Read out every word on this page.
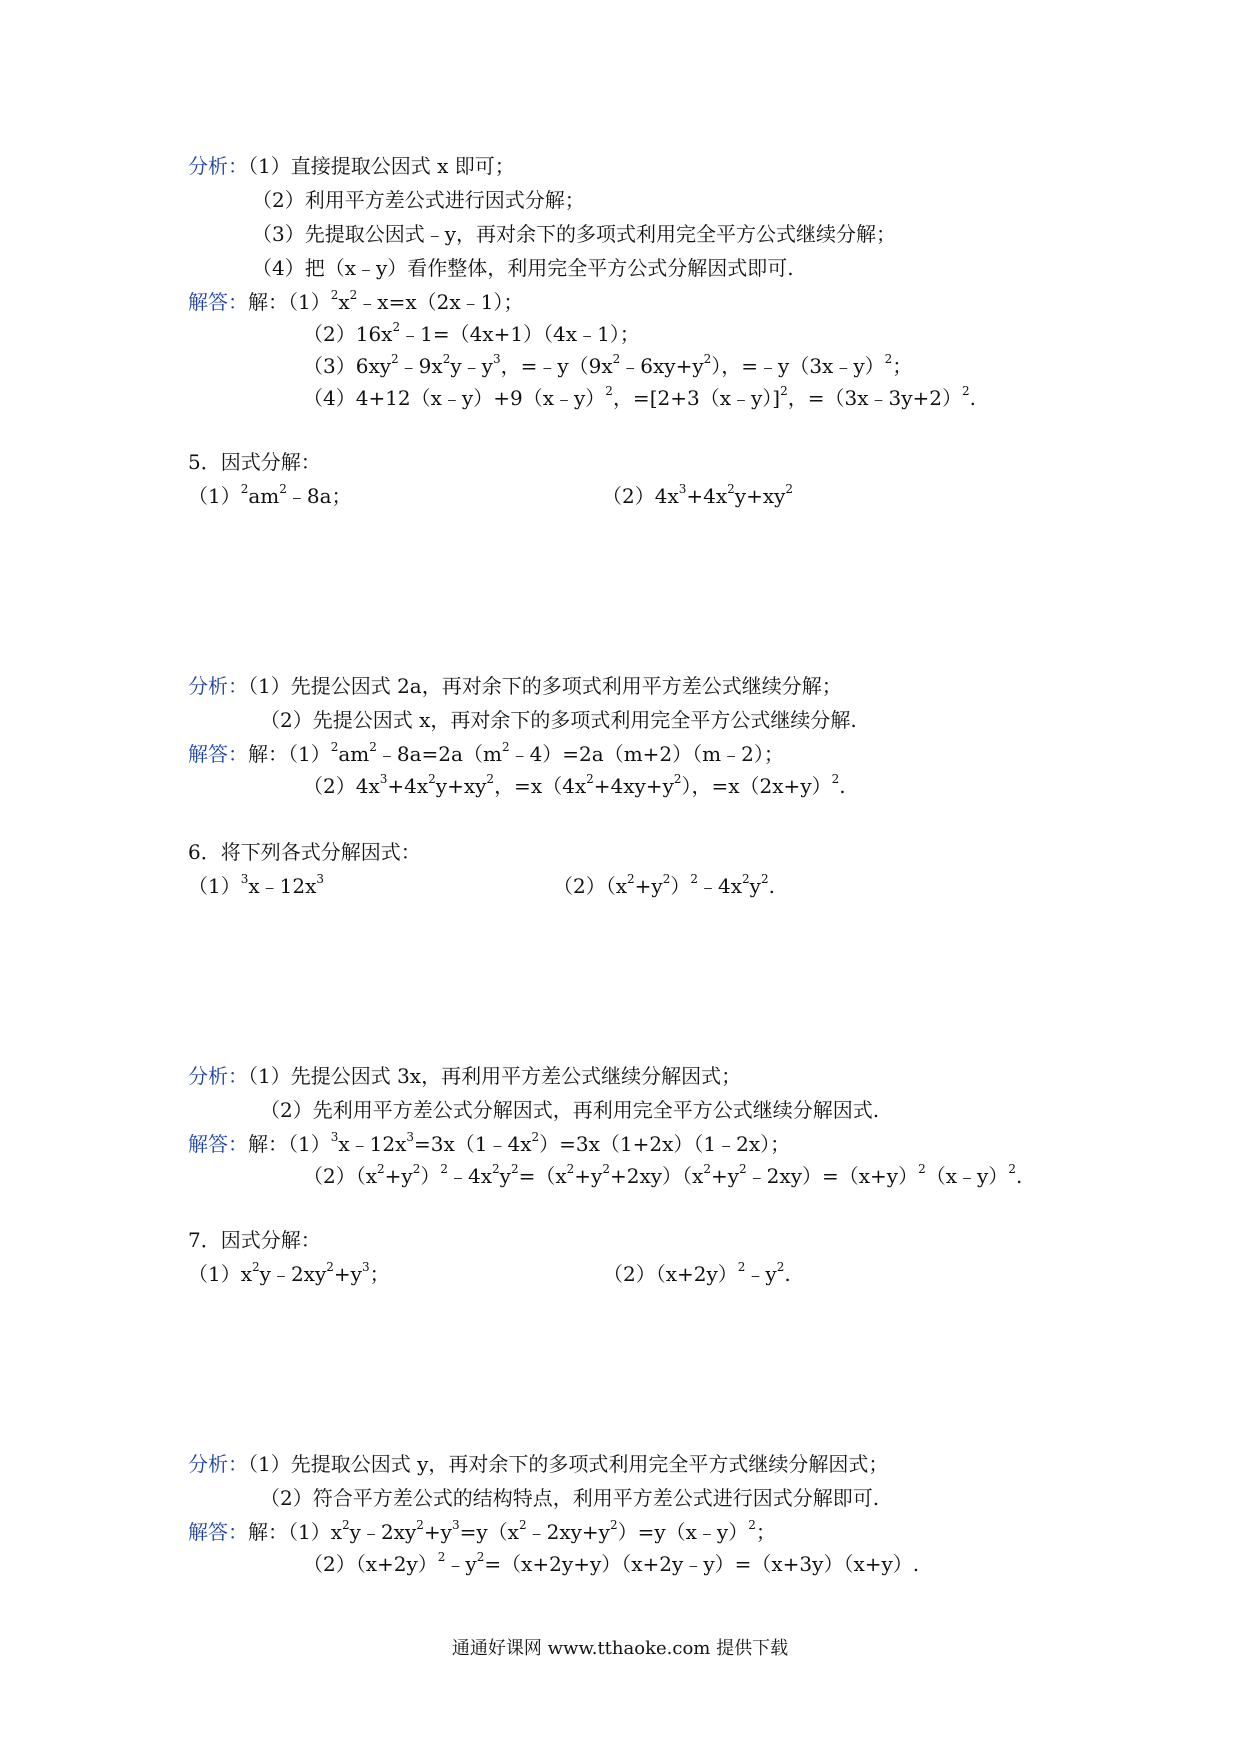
分析：（1）直接提取公因式 x 即可；
（2）利用平方差公式进行因式分解；
（3）先提取公因式﹣y，再对余下的多项式利用完全平方公式继续分解；
（4）把（x﹣y）看作整体，利用完全平方公式分解因式即可.
解答：解：$(1)^2x^2﹣x=x(2x﹣1)$；
$(2)16x^2﹣1=(4x+1)(4x﹣1)$；
$(3)6xy^2﹣9x^2y﹣y^3$，$=﹣y(9x^2﹣6xy+y^2)$，=﹣y（3x﹣y）$^2$；
（4）4+12（x﹣y）+9（x﹣y）$^2$，=[2+3（x﹣y）]$^2$，=（3x﹣3y+2）$^2$.
5．因式分解：
$(1)^2am^2﹣8a$；	$(2)4x^3+4x^2y+xy^2$
分析：（1）先提公因式 2a，再对余下的多项式利用平方差公式继续分解；
（2）先提公因式 x，再对余下的多项式利用完全平方公式继续分解.
解答：解：$(1)^2am^2﹣8a=2a(m^2﹣4)=2a(m+2)(m﹣2)$；
$(2)4x^3+4x^2y+xy^2$，$=x(4x^2+4xy+y^2)$，$=x(2x+y)^2$.
6．将下列各式分解因式：
$(1)^3x﹣12x^3$	$(2)(x^2+y^2)^2﹣4x^2y^2$.
分析：（1）先提公因式 3x，再利用平方差公式继续分解因式；
（2）先利用平方差公式分解因式，再利用完全平方公式继续分解因式.
解答：解：$(1)^3x﹣12x^3=3x(1﹣4x^2)=3x(1+2x)(1﹣2x)$；
$(2)(x^2+y^2)^2﹣4x^2y^2=(x^2+y^2+2xy)(x^2+y^2﹣2xy)=(x+y)^2(x﹣y)^2$.
7．因式分解：
$(1)x^2y﹣2xy^2+y^3$；	$(2)(x+2y)^2﹣y^2$.
分析：（1）先提取公因式 y，再对余下的多项式利用完全平方式继续分解因式；
（2）符合平方差公式的结构特点，利用平方差公式进行因式分解即可.
解答：解：$(1)x^2y﹣2xy^2+y^3=y(x^2﹣2xy+y^2)=y(x﹣y)^2$；
$(2)(x+2y)^2﹣y^2=(x+2y+y)(x+2y﹣y)=(x+3y)(x+y)$.
通通好课网 www.tthaoke.com 提供下载
